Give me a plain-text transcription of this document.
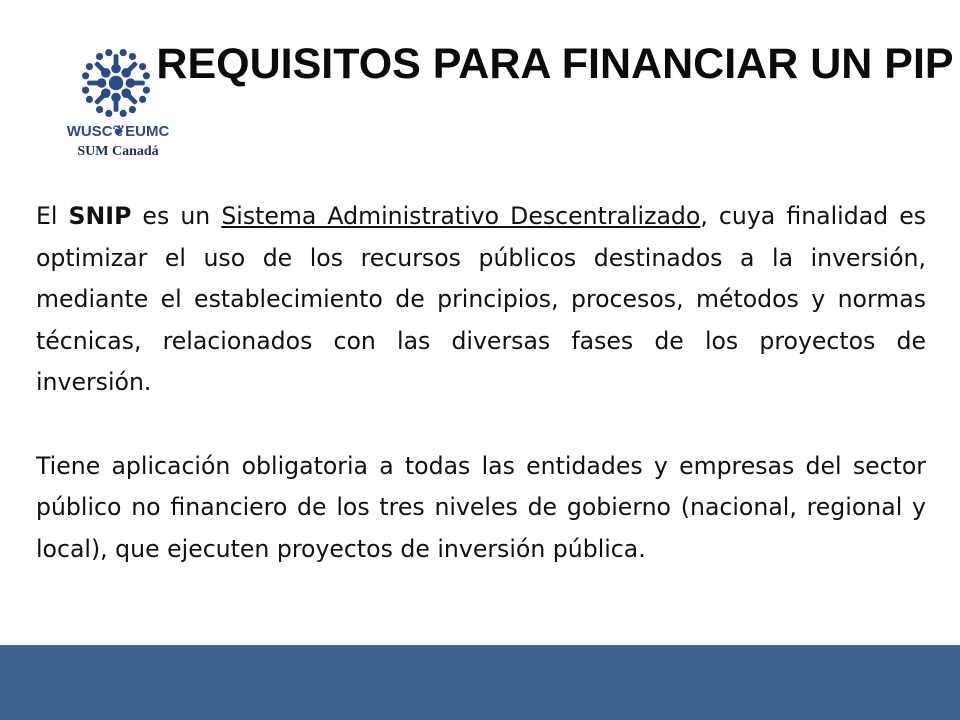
WUSC❦EUMC
SUM Canadá
REQUISITOS PARA FINANCIAR UN PIP

El SNIP es un Sistema Administrativo Descentralizado, cuya finalidad es optimizar el uso de los recursos públicos destinados a la inversión, mediante el establecimiento de principios, procesos, métodos y normas técnicas, relacionados con las diversas fases de los proyectos de inversión.

Tiene aplicación obligatoria a todas las entidades y empresas del sector público no financiero de los tres niveles de gobierno (nacional, regional y local), que ejecuten proyectos de inversión pública.
